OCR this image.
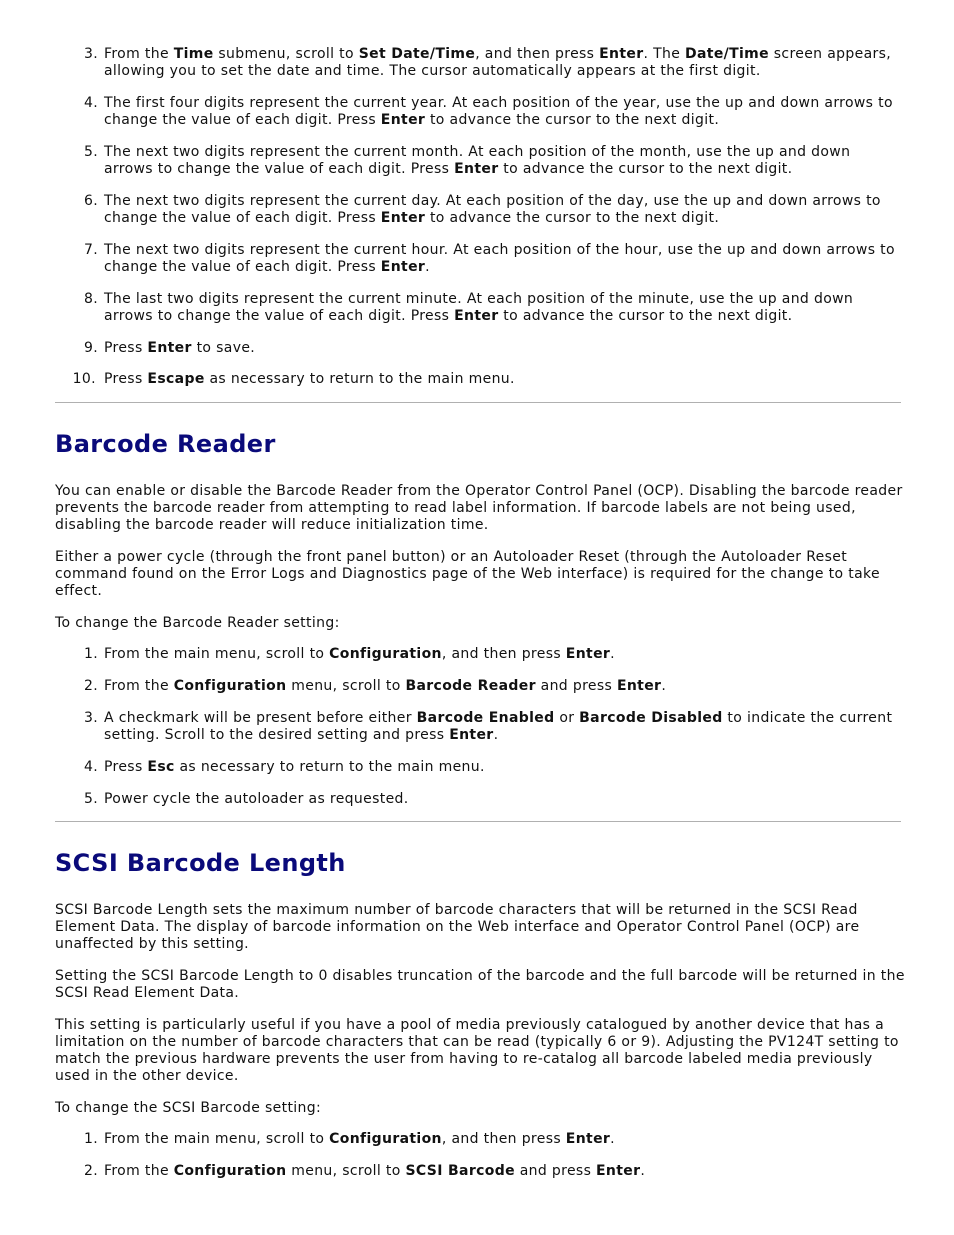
3. From the Time submenu, scroll to Set Date/Time, and then press Enter. The Date/Time screen appears, allowing you to set the date and time. The cursor automatically appears at the first digit.
4. The first four digits represent the current year. At each position of the year, use the up and down arrows to change the value of each digit. Press Enter to advance the cursor to the next digit.
5. The next two digits represent the current month. At each position of the month, use the up and down arrows to change the value of each digit. Press Enter to advance the cursor to the next digit.
6. The next two digits represent the current day. At each position of the day, use the up and down arrows to change the value of each digit. Press Enter to advance the cursor to the next digit.
7. The next two digits represent the current hour. At each position of the hour, use the up and down arrows to change the value of each digit. Press Enter.
8. The last two digits represent the current minute. At each position of the minute, use the up and down arrows to change the value of each digit. Press Enter to advance the cursor to the next digit.
9. Press Enter to save.
10. Press Escape as necessary to return to the main menu.
Barcode Reader

You can enable or disable the Barcode Reader from the Operator Control Panel (OCP). Disabling the barcode reader prevents the barcode reader from attempting to read label information. If barcode labels are not being used, disabling the barcode reader will reduce initialization time.

Either a power cycle (through the front panel button) or an Autoloader Reset (through the Autoloader Reset command found on the Error Logs and Diagnostics page of the Web interface) is required for the change to take effect.

To change the Barcode Reader setting:

1. From the main menu, scroll to Configuration, and then press Enter.
2. From the Configuration menu, scroll to Barcode Reader and press Enter.
3. A checkmark will be present before either Barcode Enabled or Barcode Disabled to indicate the current setting. Scroll to the desired setting and press Enter.
4. Press Esc as necessary to return to the main menu.
5. Power cycle the autoloader as requested.
SCSI Barcode Length

SCSI Barcode Length sets the maximum number of barcode characters that will be returned in the SCSI Read Element Data. The display of barcode information on the Web interface and Operator Control Panel (OCP) are unaffected by this setting.

Setting the SCSI Barcode Length to 0 disables truncation of the barcode and the full barcode will be returned in the SCSI Read Element Data.

This setting is particularly useful if you have a pool of media previously catalogued by another device that has a limitation on the number of barcode characters that can be read (typically 6 or 9). Adjusting the PV124T setting to match the previous hardware prevents the user from having to re-catalog all barcode labeled media previously used in the other device.

To change the SCSI Barcode setting:

1. From the main menu, scroll to Configuration, and then press Enter.
2. From the Configuration menu, scroll to SCSI Barcode and press Enter.
